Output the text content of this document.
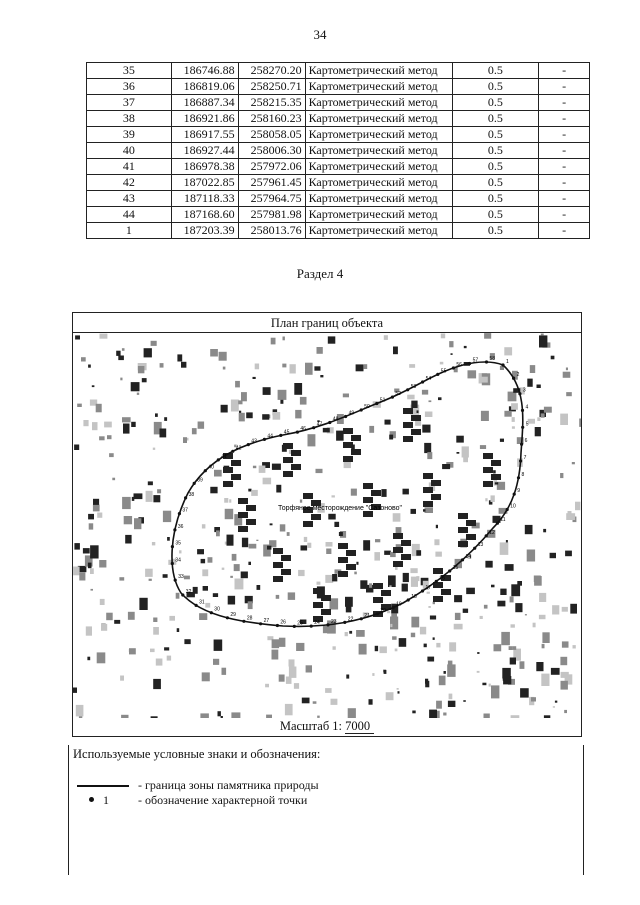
34
35	186746.88	258270.20	Картометрический метод	0.5	-
36	186819.06	258250.71	Картометрический метод	0.5	-
37	186887.34	258215.35	Картометрический метод	0.5	-
38	186921.86	258160.23	Картометрический метод	0.5	-
39	186917.55	258058.05	Картометрический метод	0.5	-
40	186927.44	258006.30	Картометрический метод	0.5	-
41	186978.38	257972.06	Картометрический метод	0.5	-
42	187022.85	257961.45	Картометрический метод	0.5	-
43	187118.33	257964.75	Картометрический метод	0.5	-
44	187168.60	257981.98	Картометрический метод	0.5	-
1	187203.39	258013.76	Картометрический метод	0.5	-
Раздел 4
План границ объекта
1
2
3
4
5
6
7
8
9
10
11
12
13
14
15
16
17
18
19
20
21
22
23
24
25
26
27
28
29
30
31
32
33
34
35
36
37
38
39
40
41
42
43
44
45
46
47
48
49
50
51
52
53
54
55
56
57 58
Торфяное месторождение "Сазоново"
Масштаб 1: 7000
Используемые условные знаки и обозначения:
- граница зоны памятника природы
1 - обозначение характерной точки
